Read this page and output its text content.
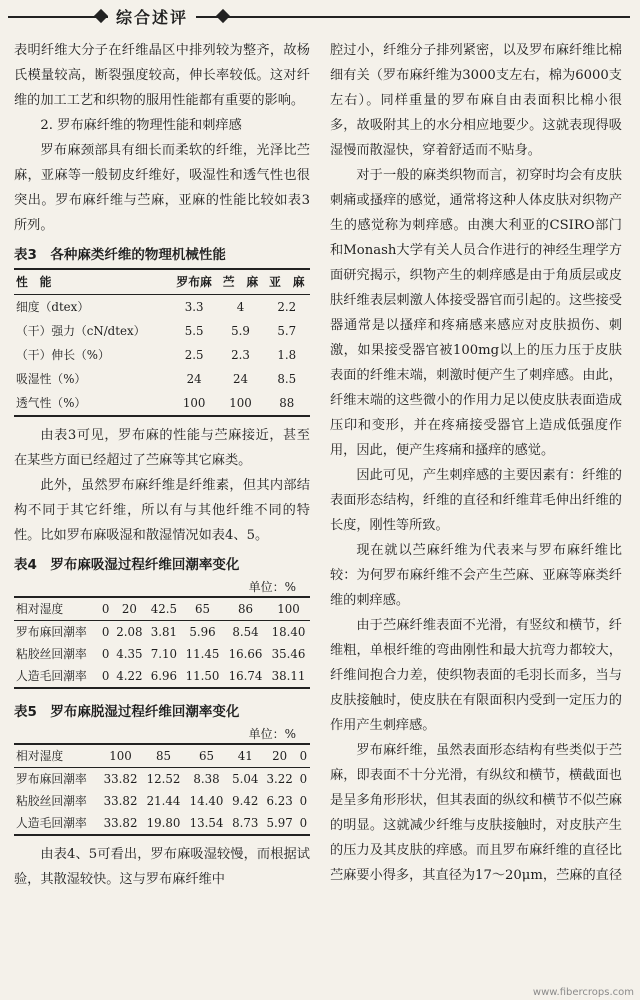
综合述评

表明纤维大分子在纤维晶区中排列较为整齐，故杨氏模量较高，断裂强度较高，伸长率较低。这对纤维的加工工艺和织物的服用性能都有重要的影响。

2. 罗布麻纤维的物理性能和刺痒感

罗布麻颈部具有细长而柔软的纤维，光泽比苎麻，亚麻等一般韧皮纤维好，吸湿性和透气性也很突出。罗布麻纤维与苎麻，亚麻的性能比较如表3所列。

表3　各种麻类纤维的物理机械性能
性　能	罗布麻	苎　麻	亚　麻
细度（dtex）	3.3	4	2.2
（干）强力（cN/dtex）	5.5	5.9	5.7
（干）伸长（%）	2.5	2.3	1.8
吸湿性（%）	24	24	8.5
透气性（%）	100	100	88

由表3可见，罗布麻的性能与苎麻接近，甚至在某些方面已经超过了苎麻等其它麻类。

此外，虽然罗布麻纤维是纤维素，但其内部结构不同于其它纤维，所以有与其他纤维不同的特性。比如罗布麻吸湿和散湿情况如表4、5。

表4　罗布麻吸湿过程纤维回潮率变化
单位：%
相对湿度	0	20	42.5	65	86	100
罗布麻回潮率	0	2.08	3.81	5.96	8.54	18.40
粘胶丝回潮率	0	4.35	7.10	11.45	16.66	35.46
人造毛回潮率	0	4.22	6.96	11.50	16.74	38.11
表5　罗布麻脱湿过程纤维回潮率变化
单位：%
相对湿度	100	85	65	41	20	0
罗布麻回潮率	33.82	12.52	8.38	5.04	3.22	0
粘胶丝回潮率	33.82	21.44	14.40	9.42	6.23	0
人造毛回潮率	33.82	19.80	13.54	8.73	5.97	0

由表4、5可看出，罗布麻吸湿较慢，而根据试验，其散湿较快。这与罗布麻纤维中

腔过小，纤维分子排列紧密，以及罗布麻纤维比棉细有关（罗布麻纤维为3000支左右，棉为6000支左右）。同样重量的罗布麻自由表面积比棉小很多，故吸附其上的水分相应地要少。这就表现得吸湿慢而散湿快，穿着舒适而不贴身。

对于一般的麻类织物而言，初穿时均会有皮肤刺痛或搔痒的感觉，通常将这种人体皮肤对织物产生的感觉称为刺痒感。由澳大利亚的CSIRO部门和Monash大学有关人员合作进行的神经生理学方面研究揭示，织物产生的刺痒感是由于角质层或皮肤纤维表层刺激人体接受器官而引起的。这些接受器通常是以搔痒和疼痛感来感应对皮肤损伤、刺激，如果接受器官被100mg以上的压力压于皮肤表面的纤维末端，刺激时便产生了刺痒感。由此，纤维末端的这些微小的作用力足以使皮肤表面造成压印和变形，并在疼痛接受器官上造成低强度作用，因此，便产生疼痛和搔痒的感觉。

因此可见，产生刺痒感的主要因素有：纤维的表面形态结构，纤维的直径和纤维茸毛伸出纤维的长度，刚性等所致。

现在就以苎麻纤维为代表来与罗布麻纤维比较：为何罗布麻纤维不会产生苎麻、亚麻等麻类纤维的刺痒感。

由于苎麻纤维表面不光滑，有竖纹和横节，纤维粗，单根纤维的弯曲刚性和最大抗弯力都较大，纤维间抱合力差，使织物表面的毛羽长而多，当与皮肤接触时，使皮肤在有限面积内受到一定压力的作用产生刺痒感。

罗布麻纤维，虽然表面形态结构有些类似于苎麻，即表面不十分光滑，有纵纹和横节，横截面也是呈多角形形状，但其表面的纵纹和横节不似苎麻的明显。这就减少纤维与皮肤接触时，对皮肤产生的压力及其皮肤的痒感。而且罗布麻纤维的直径比苎麻要小得多，其直径为17～20μm，苎麻的直径

www.fibercrops.com
